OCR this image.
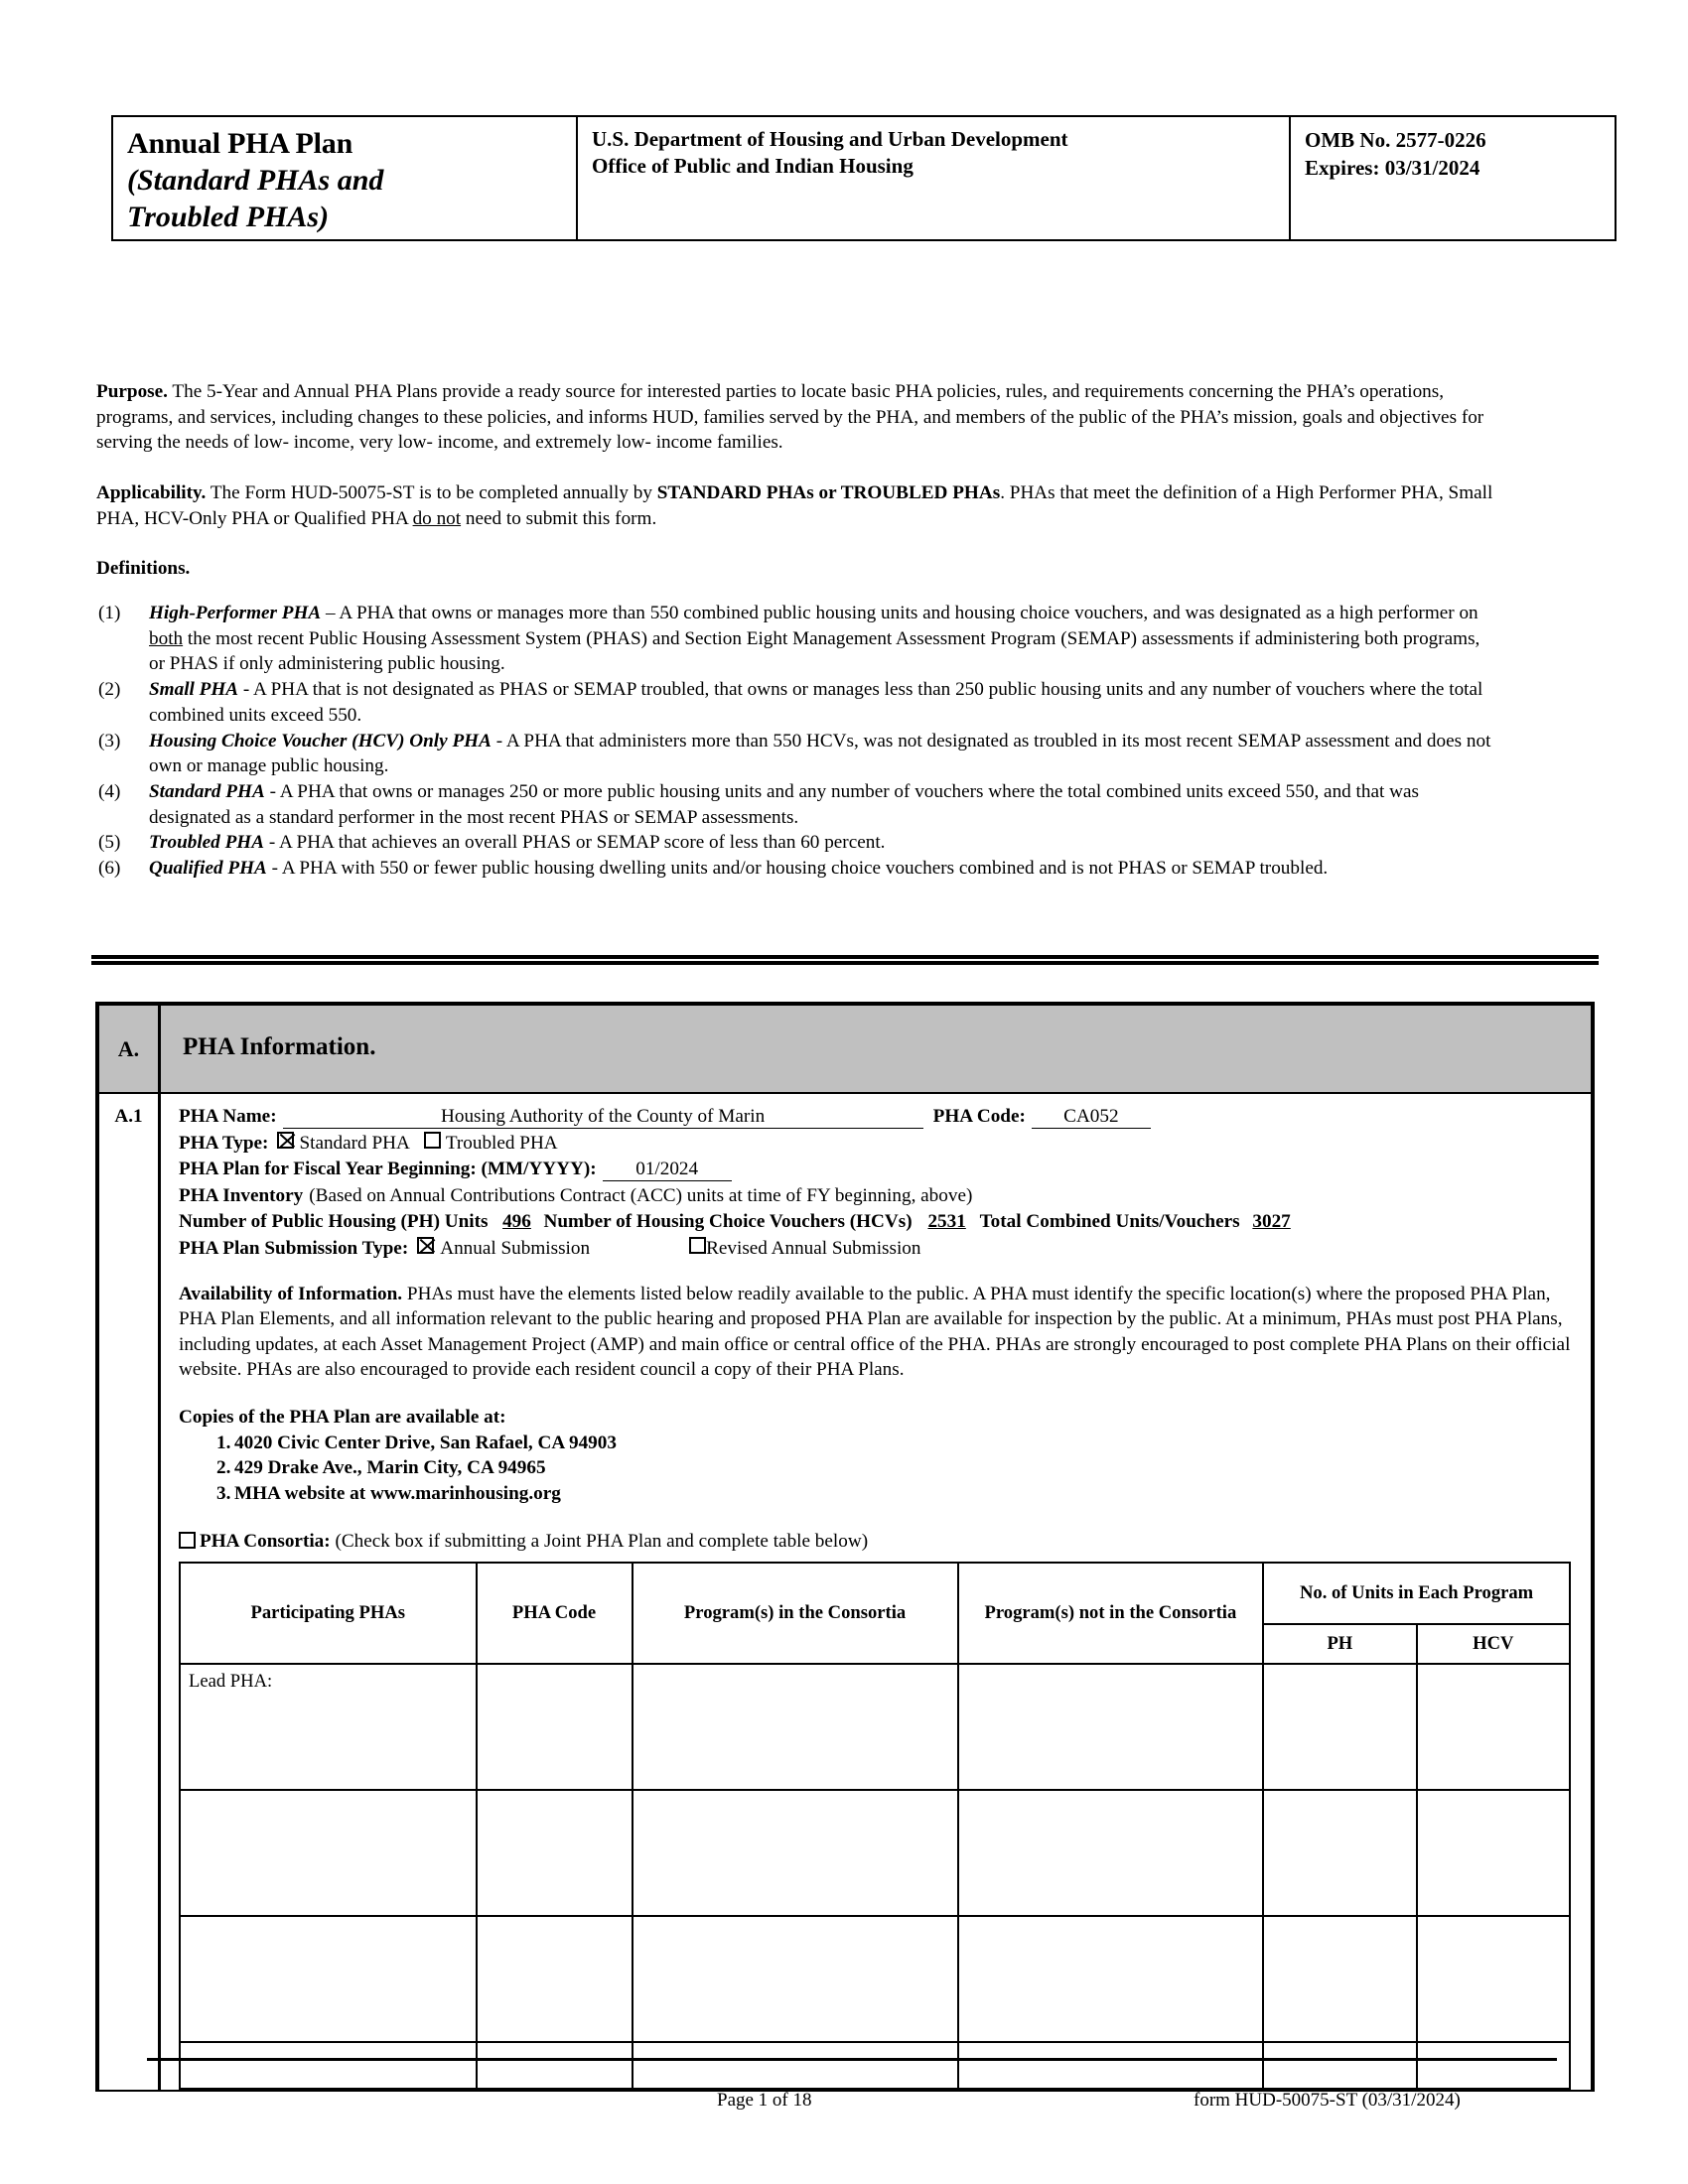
Annual PHA Plan
(Standard PHAs and
Troubled PHAs)

U.S. Department of Housing and Urban Development
Office of Public and Indian Housing

OMB No. 2577-0226
Expires: 03/31/2024
Purpose. The 5-Year and Annual PHA Plans provide a ready source for interested parties to locate basic PHA policies, rules, and requirements concerning the PHA’s operations, programs, and services, including changes to these policies, and informs HUD, families served by the PHA, and members of the public of the PHA’s mission, goals and objectives for serving the needs of low- income, very low- income, and extremely low- income families.
Applicability. The Form HUD-50075-ST is to be completed annually by STANDARD PHAs or TROUBLED PHAs. PHAs that meet the definition of a High Performer PHA, Small PHA, HCV-Only PHA or Qualified PHA do not need to submit this form.
Definitions.
(1)	High-Performer PHA – A PHA that owns or manages more than 550 combined public housing units and housing choice vouchers, and was designated as a high performer on both the most recent Public Housing Assessment System (PHAS) and Section Eight Management Assessment Program (SEMAP) assessments if administering both programs, or PHAS if only administering public housing.
(2)	Small PHA - A PHA that is not designated as PHAS or SEMAP troubled, that owns or manages less than 250 public housing units and any number of vouchers where the total combined units exceed 550.
(3)	Housing Choice Voucher (HCV) Only PHA - A PHA that administers more than 550 HCVs, was not designated as troubled in its most recent SEMAP assessment and does not own or manage public housing.
(4)	Standard PHA - A PHA that owns or manages 250 or more public housing units and any number of vouchers where the total combined units exceed 550, and that was designated as a standard performer in the most recent PHAS or SEMAP assessments.
(5)	Troubled PHA - A PHA that achieves an overall PHAS or SEMAP score of less than 60 percent.
(6)	Qualified PHA - A PHA with 550 or fewer public housing dwelling units and/or housing choice vouchers combined and is not PHAS or SEMAP troubled.
A.	PHA Information.
A.1	PHA Name:	Housing Authority of the County of Marin	PHA Code:	CA052
PHA Type: Standard PHA Troubled PHA
PHA Plan for Fiscal Year Beginning: (MM/YYYY):	01/2024
PHA Inventory (Based on Annual Contributions Contract (ACC) units at time of FY beginning, above)
Number of Public Housing (PH) Units 496 Number of Housing Choice Vouchers (HCVs) 2531 Total Combined Units/Vouchers 3027
PHA Plan Submission Type: Annual Submission	Revised Annual Submission
Availability of Information. PHAs must have the elements listed below readily available to the public. A PHA must identify the specific location(s) where the proposed PHA Plan, PHA Plan Elements, and all information relevant to the public hearing and proposed PHA Plan are available for inspection by the public. At a minimum, PHAs must post PHA Plans, including updates, at each Asset Management Project (AMP) and main office or central office of the PHA. PHAs are strongly encouraged to post complete PHA Plans on their official website. PHAs are also encouraged to provide each resident council a copy of their PHA Plans.
Copies of the PHA Plan are available at:
1. 4020 Civic Center Drive, San Rafael, CA 94903
2. 429 Drake Ave., Marin City, CA 94965
3. MHA website at www.marinhousing.org
PHA Consortia: (Check box if submitting a Joint PHA Plan and complete table below)
Participating PHAs	PHA Code	Program(s) in the Consortia	Program(s) not in the Consortia	No. of Units in Each Program	
				PH	HCV
Lead PHA:					

Page 1 of 18	form HUD-50075-ST (03/31/2024)
